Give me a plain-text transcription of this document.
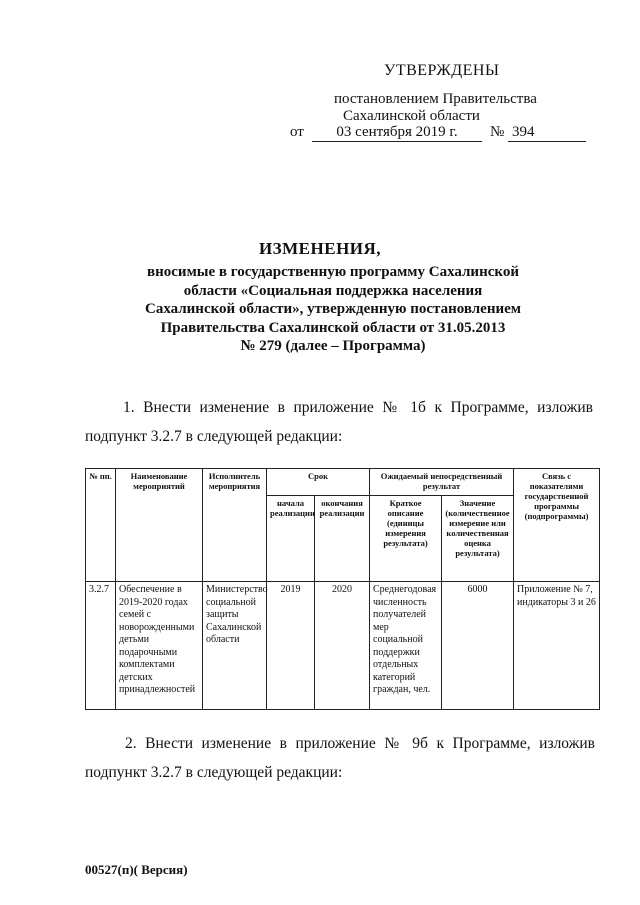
УТВЕРЖДЕНЫ
постановлением Правительства
Сахалинской области
от	03 сентября 2019 г.	№ 394
ИЗМЕНЕНИЯ,
вносимые в государственную программу Сахалинской
области «Социальная поддержка населения
Сахалинской области», утвержденную постановлением
Правительства Сахалинской области от 31.05.2013
№ 279 (далее – Программа)
1. Внести изменение в приложение № 1б к Программе, изложив
подпункт 3.2.7 в следующей редакции:
№ пп.	Наименование мероприятий	Исполнитель мероприятия	Срок		Ожидаемый непосредственный результат		Связь с показателями государственной программы (подпрограммы)
			начала реализации	окончания реализации	Краткое описание (единицы измерения результата)	Значение (количественное измерение или количественная оценка результата)	
3.2.7	Обеспечение в 2019-2020 годах семей с новорожденными детьми подарочными комплектами детских принадлежностей	Министерство социальной защиты Сахалинской области	2019	2020	Среднегодовая численность получателей мер социальной поддержки отдельных категорий граждан, чел.	6000	Приложение № 7, индикаторы 3 и 26
2. Внести изменение в приложение № 9б к Программе, изложив
подпункт 3.2.7 в следующей редакции:
00527(п)( Версия)
